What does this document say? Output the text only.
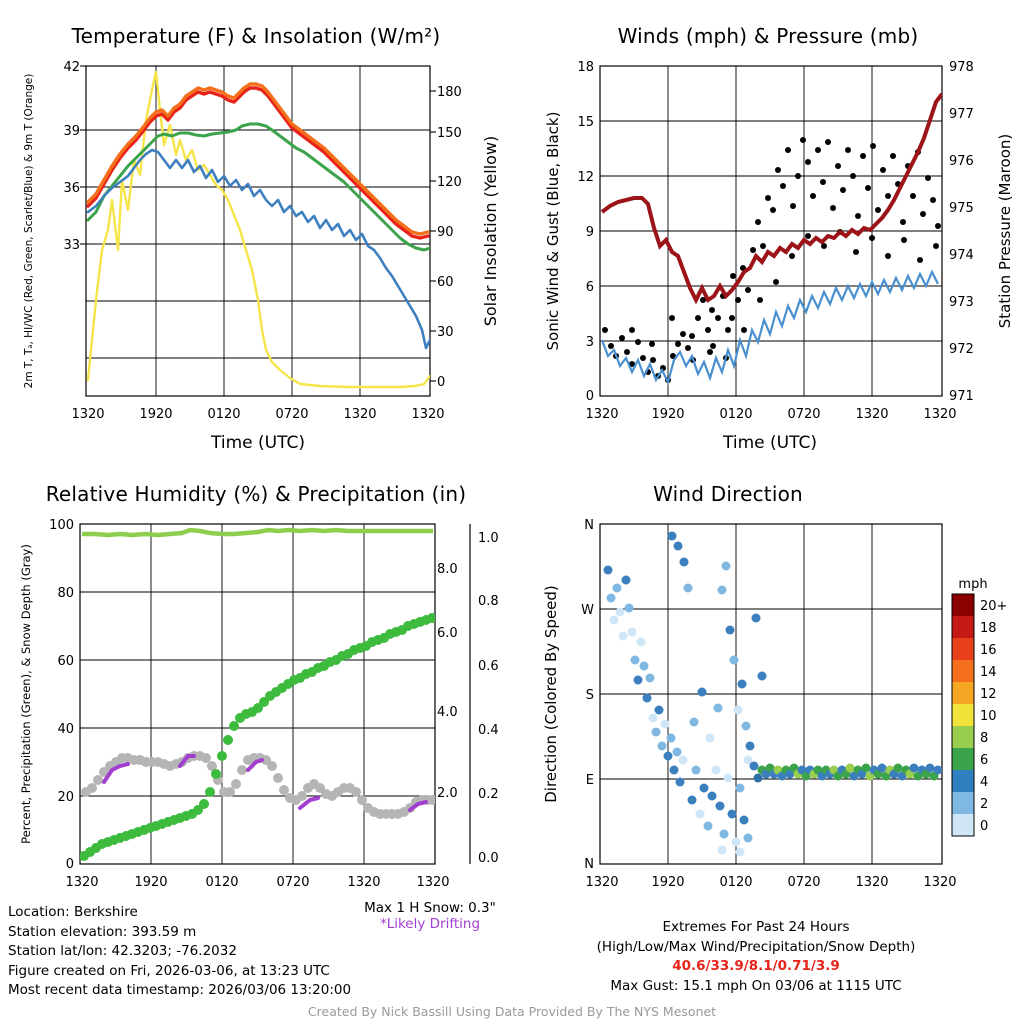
Temperature (F) & Insolation (W/m²)
42
39
36
33
180
150
120
90
60
30
0
1320	1920	0120	0720	1320	1320
Time (UTC)
2m T, Tₐ, HI/WC (Red, Green, Scarlet/Blue) & 9m T (Orange)	Solar Insolation (Yellow)
Winds (mph) & Pressure (mb)
18
15
12
9
6
3
0
978
977
976
975
974
973
972
971
1320	1920	0120	0720	1320	1320
Time (UTC)
Sonic Wind & Gust (Blue, Black)	Station Pressure (Maroon)
Relative Humidity (%) & Precipitation (in)
100
80
60
40
20
0
1.0
0.8
0.6
0.4
0.2
0.0
8.0
6.0
4.0
2.0
1320	1920	0120	0720	1320	1320
Percent, Precipitation (Green), & Snow Depth (Gray)
Wind Direction
N
W
S
E
N
1320	1920	0120	0720	1320	1320
Direction (Colored By Speed)
mph
20+
18
16
14
12
10
8
6
4
2
0
Location: Berkshire
Station elevation: 393.59 m
Station lat/lon: 42.3203; -76.2032
Figure created on Fri, 2026-03-06, at 13:23 UTC
Most recent data timestamp: 2026/03/06 13:20:00
Max 1 H Snow: 0.3"
*Likely Drifting	Extremes For Past 24 Hours
(High/Low/Max Wind/Precipitation/Snow Depth)
40.6/33.9/8.1/0.71/3.9
Max Gust: 15.1 mph On 03/06 at 1115 UTC
Created By Nick Bassill Using Data Provided By The NYS Mesonet
